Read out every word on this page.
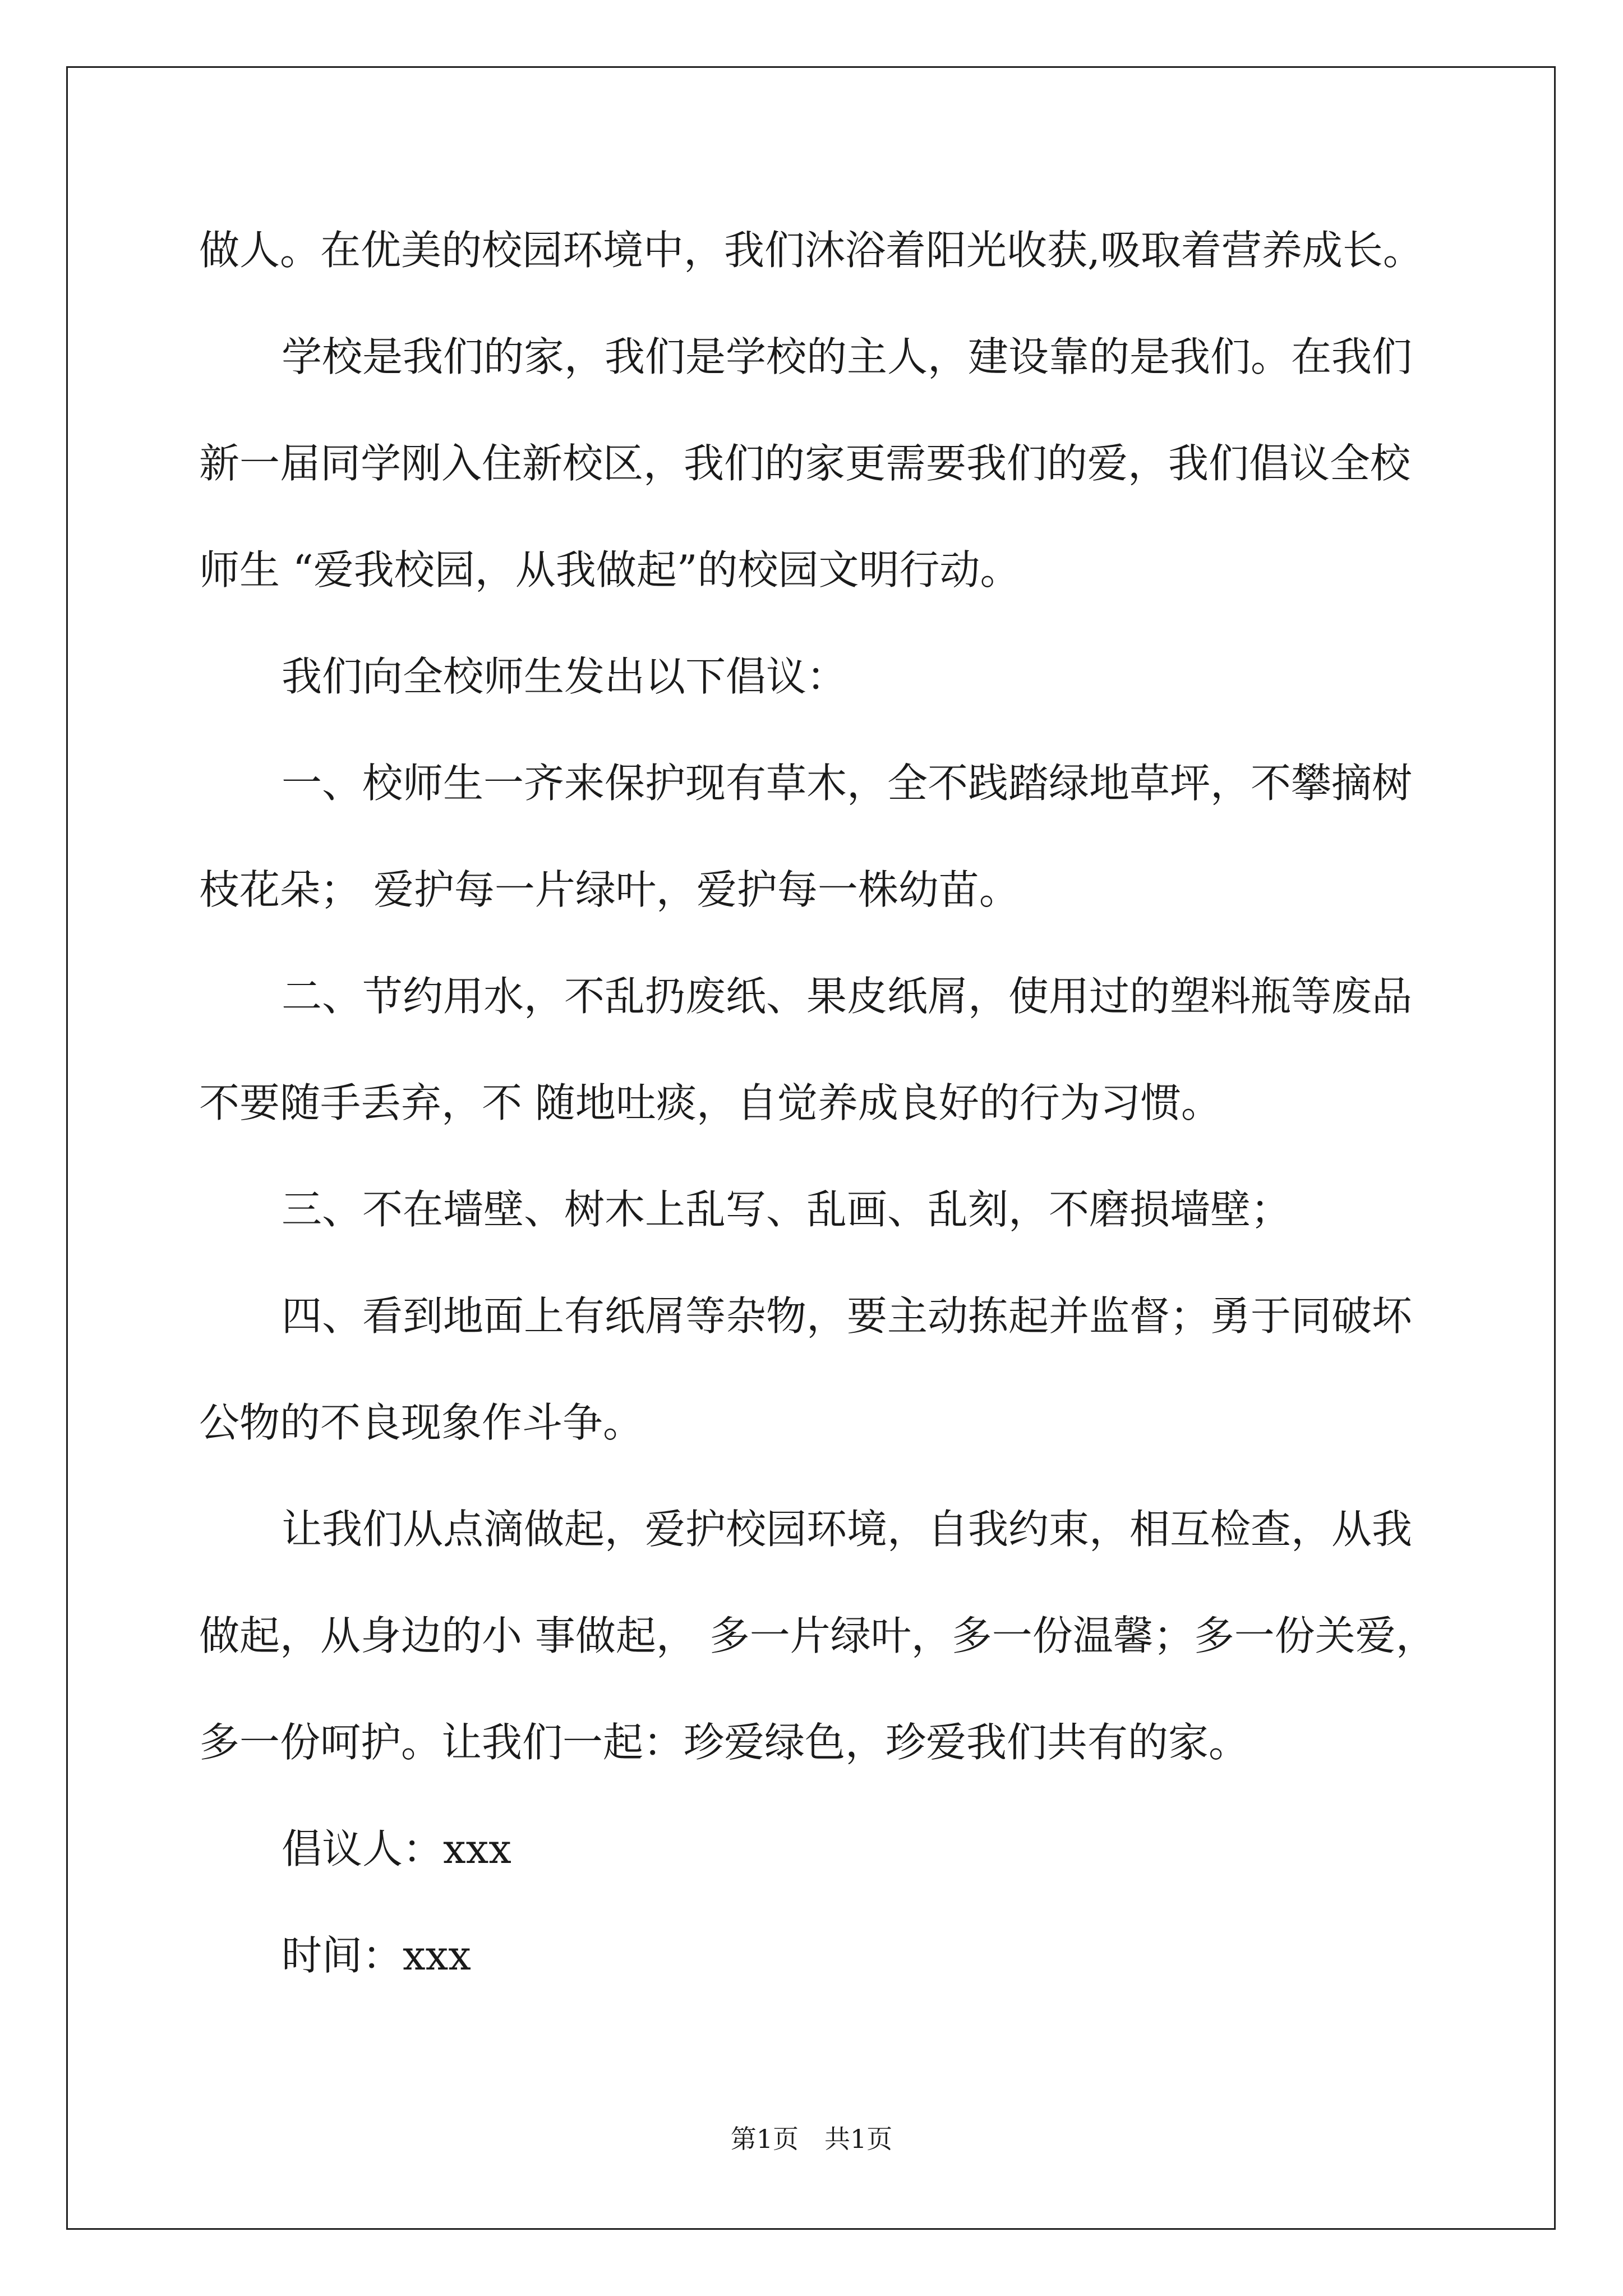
做人。在优美的校园环境中，我们沐浴着阳光收获,吸取着营养成长。
学校是我们的家，我们是学校的主人，建设靠的是我们。在我们
新一届同学刚入住新校区，我们的家更需要我们的爱，我们倡议全校
师生 “爱我校园，从我做起”的校园文明行动。
我们向全校师生发出以下倡议：
一、校师生一齐来保护现有草木，全不践踏绿地草坪，不攀摘树
枝花朵； 爱护每一片绿叶，爱护每一株幼苗。
二、节约用水，不乱扔废纸、果皮纸屑，使用过的塑料瓶等废品
不要随手丢弃，不 随地吐痰，自觉养成良好的行为习惯。
三、不在墙壁、树木上乱写、乱画、乱刻，不磨损墙壁；
四、看到地面上有纸屑等杂物，要主动拣起并监督；勇于同破坏
公物的不良现象作斗争。
让我们从点滴做起，爱护校园环境，自我约束，相互检查，从我
做起，从身边的小 事做起， 多一片绿叶，多一份温馨；多一份关爱，
多一份呵护。让我们一起：珍爱绿色，珍爱我们共有的家。
倡议人：xxx
时间：xxx
第1页　共1页
